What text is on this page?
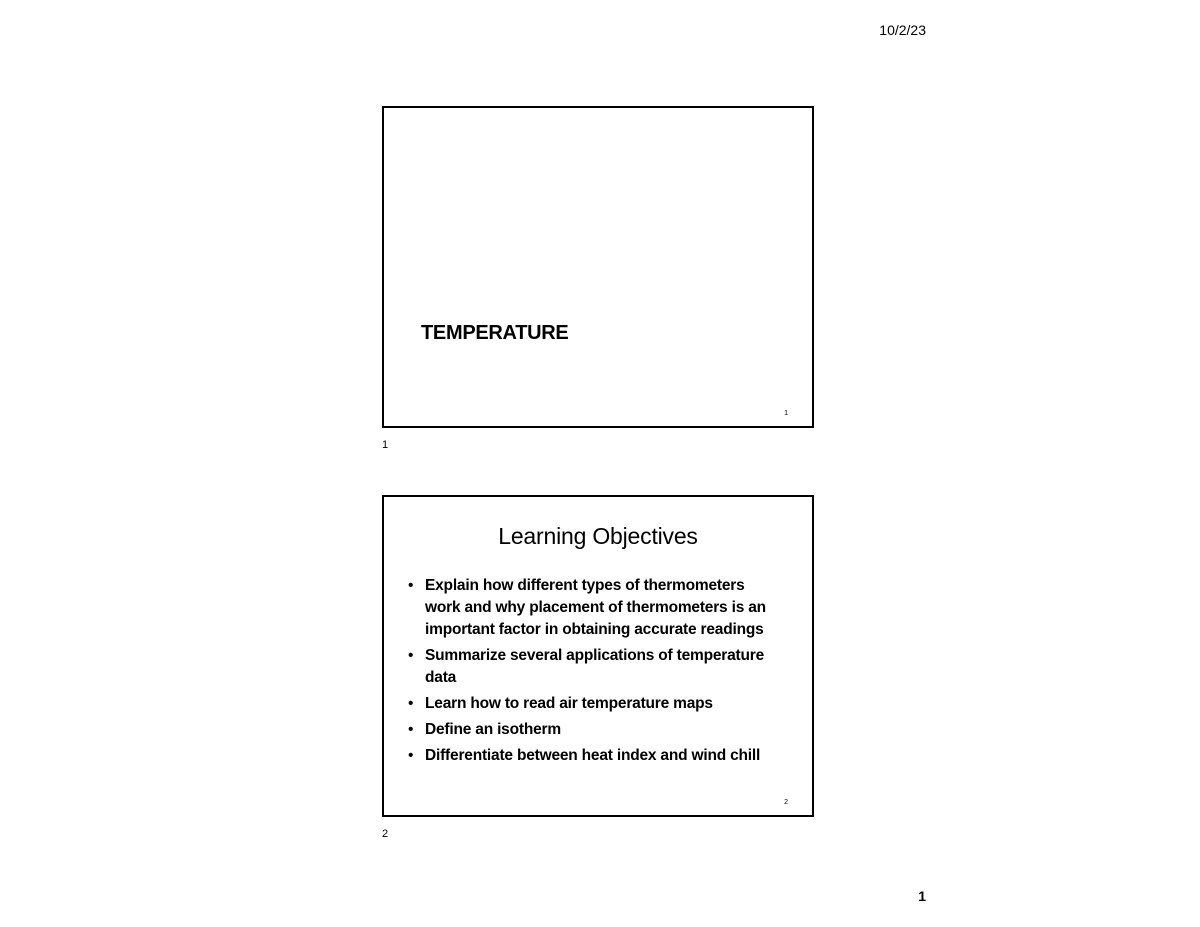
10/2/23
TEMPERATURE
1
1
Learning Objectives
• Explain how different types of thermometers work and why placement of thermometers is an important factor in obtaining accurate readings
• Summarize several applications of temperature data
• Learn how to read air temperature maps
• Define an isotherm
• Differentiate between heat index and wind chill
2
2
1
